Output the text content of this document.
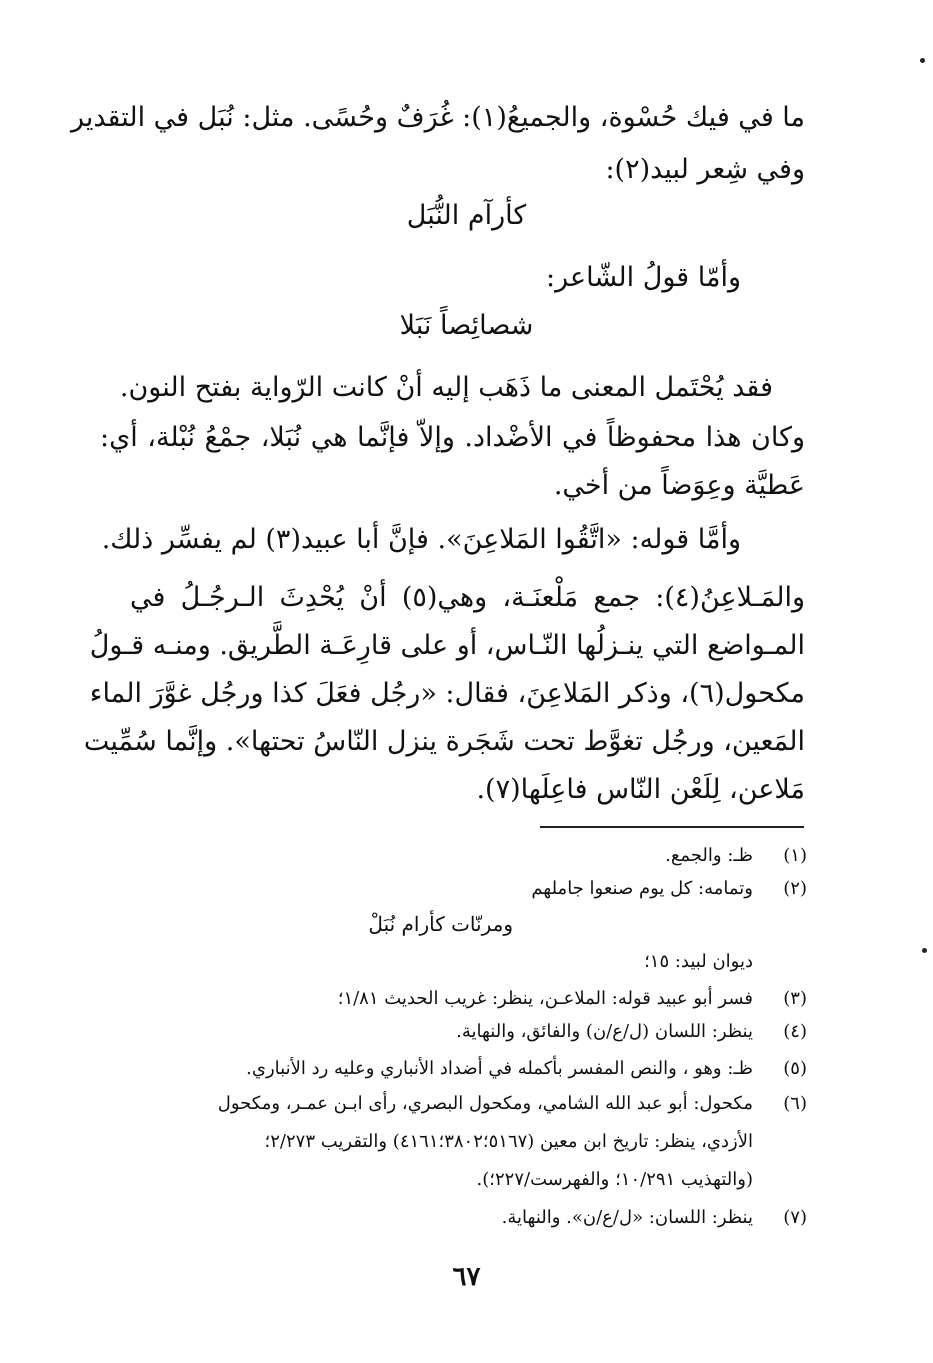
ما في فيك حُسْوة، والجميعُ(١): غُرَفٌ وحُسًى. مثل: نُبَل في التقدير
وفي شِعر لبيد(٢):
كأرآم النُّبَل
وأمّا قولُ الشّاعر:
شصائِصاً نَبَلا
فقد يُحْتَمل المعنى ما ذَهَب إليه أنْ كانت الرّواية بفتح النون.
وكان هذا محفوظاً في الأضْداد. وإلاّ فإنَّما هي نُبَلا، جمْعُ نُبْلة، أي:
عَطيَّة وعِوَضاً من أخي.
وأمَّا قوله: «اتَّقُوا المَلاعِنَ». فإنَّ أبا عبيد(٣) لم يفسِّر ذلك.
والمَـلاعِنُ(٤): جمع مَلْعنَـة، وهي(٥) أنْ يُحْدِثَ الـرجُـلُ في
المـواضع التي ينـزلُها النّـاس، أو على قارِعَـة الطَّريق. ومنـه قـولُ
مكحول(٦)، وذكر المَلاعِنَ، فقال: «رجُل فعَلَ كذا ورجُل غوَّرَ الماء
المَعين، ورجُل تغوَّط تحت شَجَرة ينزل النّاسُ تحتها». وإنَّما سُمِّيت
مَلاعن، لِلَعْن النّاس فاعِلَها(٧).
(١)ظـ: والجمع.
(٢)وتمامه: كل يوم صنعوا جاملهم
ومرنّات كأرام نُبَلْ
ديوان لبيد: ١٥؛
(٣)فسر أبو عبيد قوله: الملاعـن، ينظر: غريب الحديث ١/٨١؛
(٤)ينظر: اللسان (ل/ع/ن) والفائق، والنهاية.
(٥)ظـ: وهو ، والنص المفسر بأكمله في أضداد الأنباري وعليه رد الأنباري.
(٦)مكحول: أبو عبد الله الشامي، ومكحول البصري، رأى ابـن عمـر، ومكحول
الأزدي، ينظر: تاريخ ابن معين (٥١٦٧؛٣٨٠٢؛٤١٦١) والتقريب ٢/٢٧٣؛
(والتهذيب ١٠/٢٩١؛ والفهرست/٢٢٧؛).
(٧)ينظر: اللسان: «ل/ع/ن». والنهاية.
٦٧
